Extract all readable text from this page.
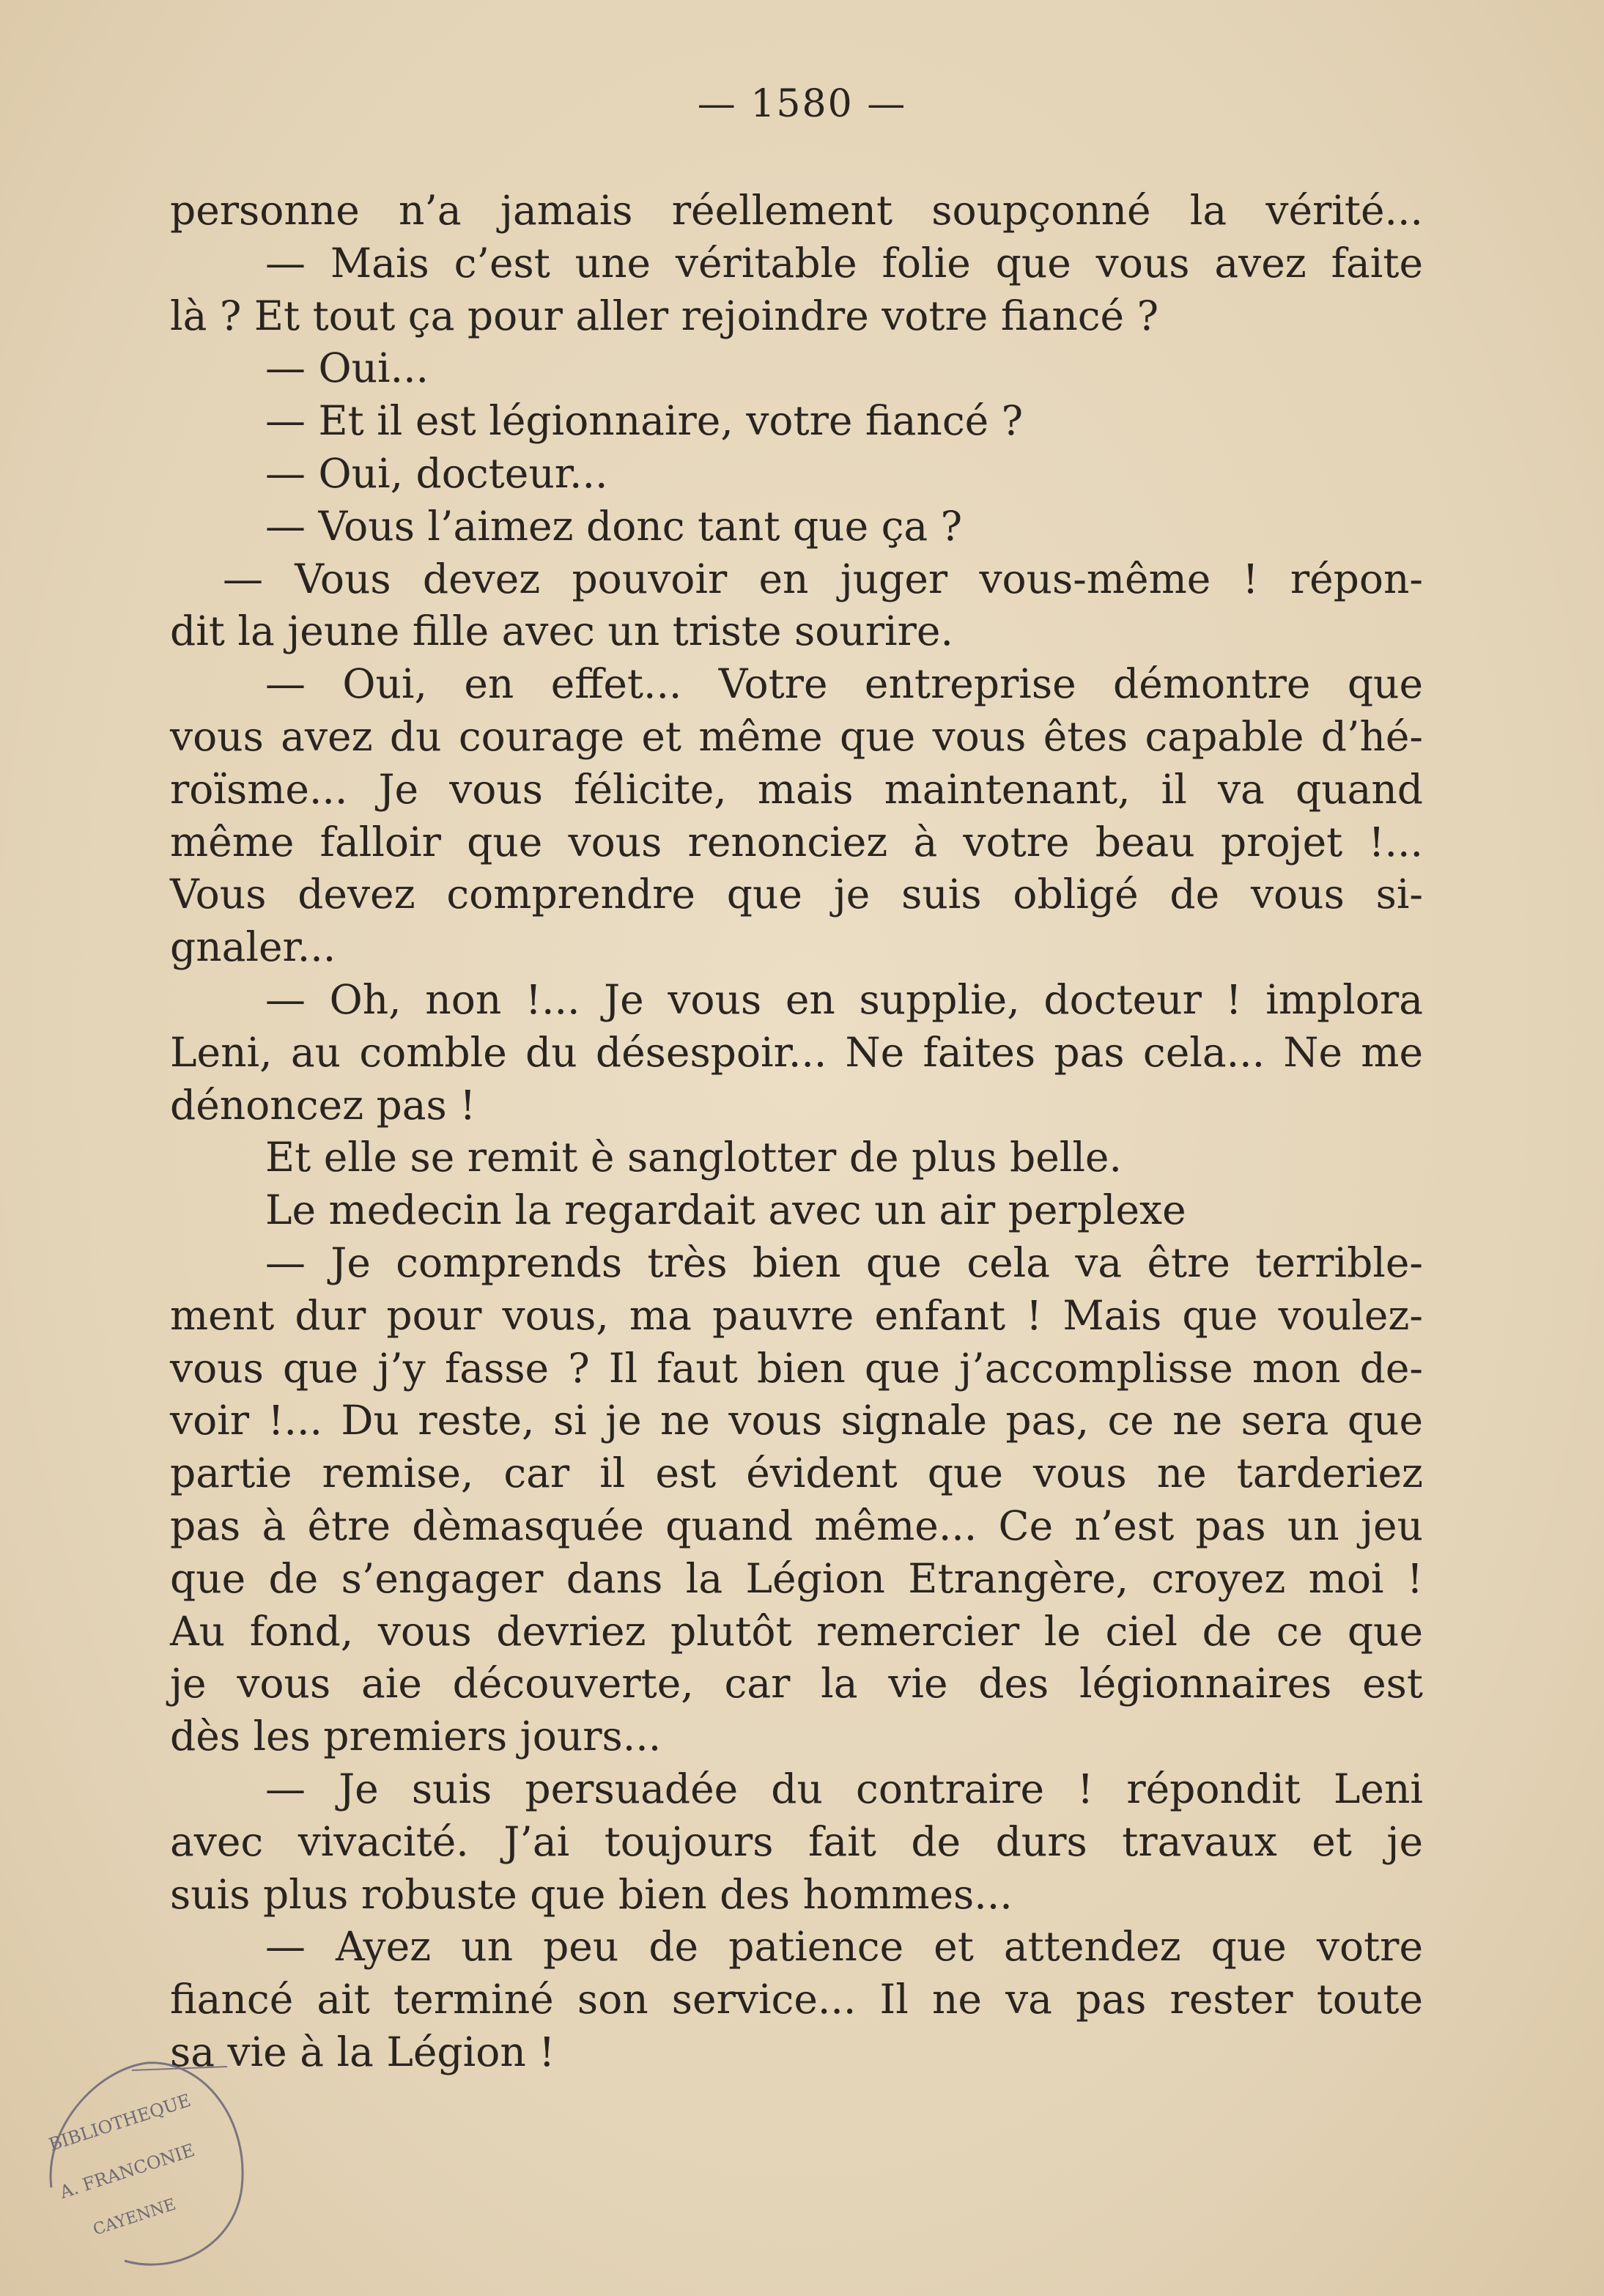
— 1580 —

personne n’a jamais réellement soupçonné la vérité...

— Mais c’est une véritable folie que vous avez faite

là ? Et tout ça pour aller rejoindre votre fiancé ?

— Oui...

— Et il est légionnaire, votre fiancé ?

— Oui, docteur...

— Vous l’aimez donc tant que ça ?

— Vous devez pouvoir en juger vous-même ! répon-

dit la jeune fille avec un triste sourire.

— Oui, en effet... Votre entreprise démontre que

vous avez du courage et même que vous êtes capable d’hé-

roïsme... Je vous félicite, mais maintenant, il va quand

même falloir que vous renonciez à votre beau projet !...

Vous devez comprendre que je suis obligé de vous si-

gnaler...

— Oh, non !... Je vous en supplie, docteur ! implora

Leni, au comble du désespoir... Ne faites pas cela... Ne me

dénoncez pas !

Et elle se remit è sanglotter de plus belle.

Le medecin la regardait avec un air perplexe

— Je comprends très bien que cela va être terrible-

ment dur pour vous, ma pauvre enfant ! Mais que voulez-

vous que j’y fasse ? Il faut bien que j’accomplisse mon de-

voir !... Du reste, si je ne vous signale pas, ce ne sera que

partie remise, car il est évident que vous ne tarderiez

pas à être dèmasquée quand même... Ce n’est pas un jeu

que de s’engager dans la Légion Etrangère, croyez moi !

Au fond, vous devriez plutôt remercier le ciel de ce que

je vous aie découverte, car la vie des légionnaires est

dès les premiers jours...

— Je suis persuadée du contraire ! répondit Leni

avec vivacité. J’ai toujours fait de durs travaux et je

suis plus robuste que bien des hommes...

— Ayez un peu de patience et attendez que votre

fiancé ait terminé son service... Il ne va pas rester toute

sa vie à la Légion !

BIBLIOTHEQUE
A. FRANCONIE
CAYENNE
